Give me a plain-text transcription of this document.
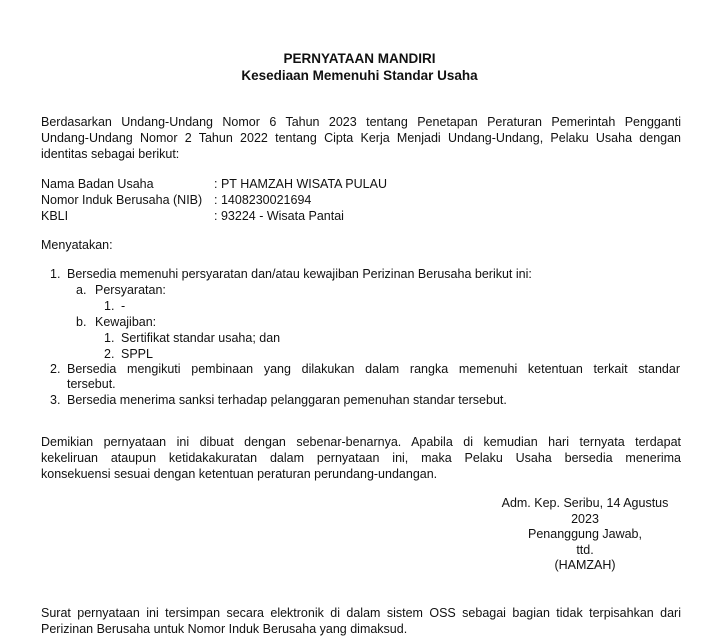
PERNYATAAN MANDIRI
Kesediaan Memenuhi Standar Usaha
Berdasarkan Undang-Undang Nomor 6 Tahun 2023 tentang Penetapan Peraturan Pemerintah Pengganti
Undang-Undang Nomor 2 Tahun 2022 tentang Cipta Kerja Menjadi Undang-Undang, Pelaku Usaha dengan
identitas sebagai berikut:
Nama Badan Usaha	: PT HAMZAH WISATA PULAU
Nomor Induk Berusaha (NIB) : 1408230021694
KBLI	: 93224 - Wisata Pantai
Menyatakan:
1. Bersedia memenuhi persyaratan dan/atau kewajiban Perizinan Berusaha berikut ini:
a. Persyaratan:
1. -
b. Kewajiban:
1. Sertifikat standar usaha; dan
2. SPPL
2. Bersedia mengikuti pembinaan yang dilakukan dalam rangka memenuhi ketentuan terkait standar
tersebut.
3. Bersedia menerima sanksi terhadap pelanggaran pemenuhan standar tersebut.
Demikian pernyataan ini dibuat dengan sebenar-benarnya. Apabila di kemudian hari ternyata terdapat
kekeliruan ataupun ketidakakuratan dalam pernyataan ini, maka Pelaku Usaha bersedia menerima
konsekuensi sesuai dengan ketentuan peraturan perundang-undangan.
Adm. Kep. Seribu, 14 Agustus
2023
Penanggung Jawab,
ttd.
(HAMZAH)
Surat pernyataan ini tersimpan secara elektronik di dalam sistem OSS sebagai bagian tidak terpisahkan dari
Perizinan Berusaha untuk Nomor Induk Berusaha yang dimaksud.
